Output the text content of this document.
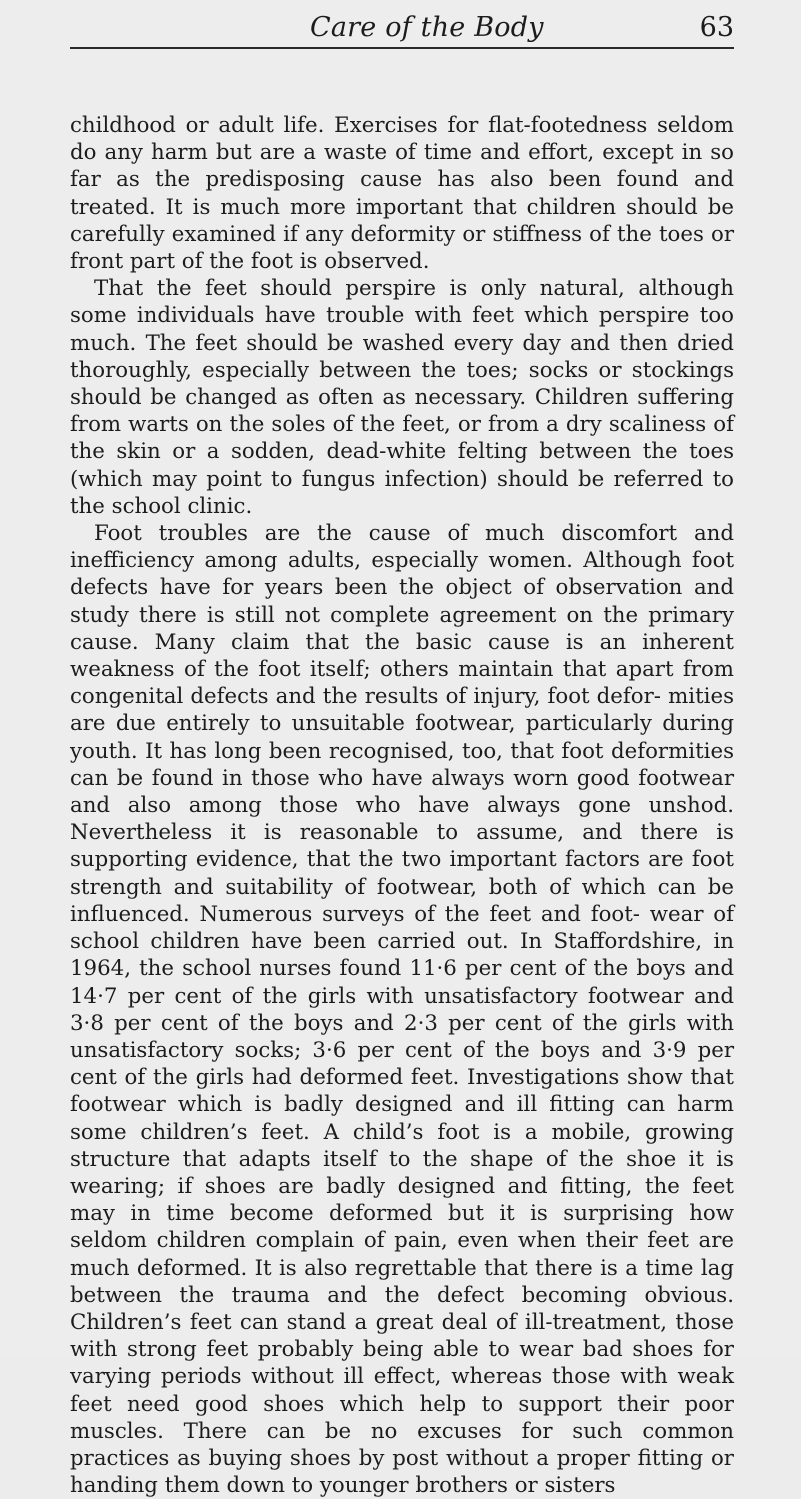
Care of the Body	63

childhood or adult life. Exercises for flat-footedness seldom do any harm but are a waste of time and effort, except in so far as the predisposing cause has also been found and treated. It is much more important that children should be carefully examined if any deformity or stiffness of the toes or front part of the foot is observed.

That the feet should perspire is only natural, although some individuals have trouble with feet which perspire too much. The feet should be washed every day and then dried thoroughly, especially between the toes; socks or stockings should be changed as often as necessary. Children suffering from warts on the soles of the feet, or from a dry scaliness of the skin or a sodden, dead-white felting between the toes (which may point to fungus infection) should be referred to the school clinic.

Foot troubles are the cause of much discomfort and inefficiency among adults, especially women. Although foot defects have for years been the object of observation and study there is still not complete agreement on the primary cause. Many claim that the basic cause is an inherent weakness of the foot itself; others maintain that apart from congenital defects and the results of injury, foot defor- mities are due entirely to unsuitable footwear, particularly during youth. It has long been recognised, too, that foot deformities can be found in those who have always worn good footwear and also among those who have always gone unshod. Nevertheless it is reasonable to assume, and there is supporting evidence, that the two important factors are foot strength and suitability of footwear, both of which can be influenced. Numerous surveys of the feet and foot- wear of school children have been carried out. In Staffordshire, in 1964, the school nurses found 11·6 per cent of the boys and 14·7 per cent of the girls with unsatisfactory footwear and 3·8 per cent of the boys and 2·3 per cent of the girls with unsatisfactory socks; 3·6 per cent of the boys and 3·9 per cent of the girls had deformed feet. Investigations show that footwear which is badly designed and ill fitting can harm some children’s feet. A child’s foot is a mobile, growing structure that adapts itself to the shape of the shoe it is wearing; if shoes are badly designed and fitting, the feet may in time become deformed but it is surprising how seldom children complain of pain, even when their feet are much deformed. It is also regrettable that there is a time lag between the trauma and the defect becoming obvious. Children’s feet can stand a great deal of ill-treatment, those with strong feet probably being able to wear bad shoes for varying periods without ill effect, whereas those with weak feet need good shoes which help to support their poor muscles. There can be no excuses for such common practices as buying shoes by post without a proper fitting or handing them down to younger brothers or sisters
